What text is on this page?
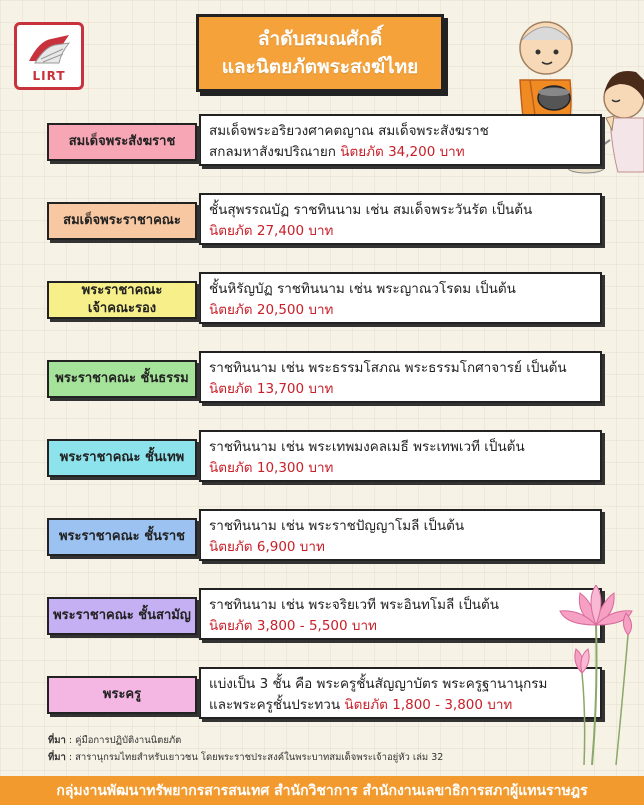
LIRT
ลำดับสมณศักดิ์
และนิตยภัตพระสงฆ์ไทย
สมเด็จพระอริยวงศาคตญาณ สมเด็จพระสังฆราช
สกลมหาสังฆปริณายก นิตยภัต 34,200 บาท
สมเด็จพระสังฆราช
ชั้นสุพรรณบัฏ ราชทินนาม เช่น สมเด็จพระวันรัต เป็นต้น
นิตยภัต 27,400 บาท
สมเด็จพระราชาคณะ
ชั้นหิรัญบัฏ ราชทินนาม เช่น พระญาณวโรดม เป็นต้น
นิตยภัต 20,500 บาท
พระราชาคณะ
เจ้าคณะรอง
ราชทินนาม เช่น พระธรรมโสภณ พระธรรมโกศาจารย์ เป็นต้น
นิตยภัต 13,700 บาท
พระราชาคณะ ชั้นธรรม
ราชทินนาม เช่น พระเทพมงคลเมธี พระเทพเวที เป็นต้น
นิตยภัต 10,300 บาท
พระราชาคณะ ชั้นเทพ
ราชทินนาม เช่น พระราชปัญญาโมลี เป็นต้น
นิตยภัต 6,900 บาท
พระราชาคณะ ชั้นราช
ราชทินนาม เช่น พระจริยเวที พระอินทโมลี เป็นต้น
นิตยภัต 3,800 - 5,500 บาท
พระราชาคณะ ชั้นสามัญ
แบ่งเป็น 3 ชั้น คือ พระครูชั้นสัญญาบัตร พระครูฐานานุกรม
และพระครูชั้นประทวน นิตยภัต 1,800 - 3,800 บาท
พระครู
ที่มา : คู่มือการปฏิบัติงานนิตยภัต
ที่มา : สารานุกรมไทยสำหรับเยาวชน โดยพระราชประสงค์ในพระบาทสมเด็จพระเจ้าอยู่หัว เล่ม 32
กลุ่มงานพัฒนาทรัพยากรสารสนเทศ สำนักวิชาการ สำนักงานเลขาธิการสภาผู้แทนราษฎร
